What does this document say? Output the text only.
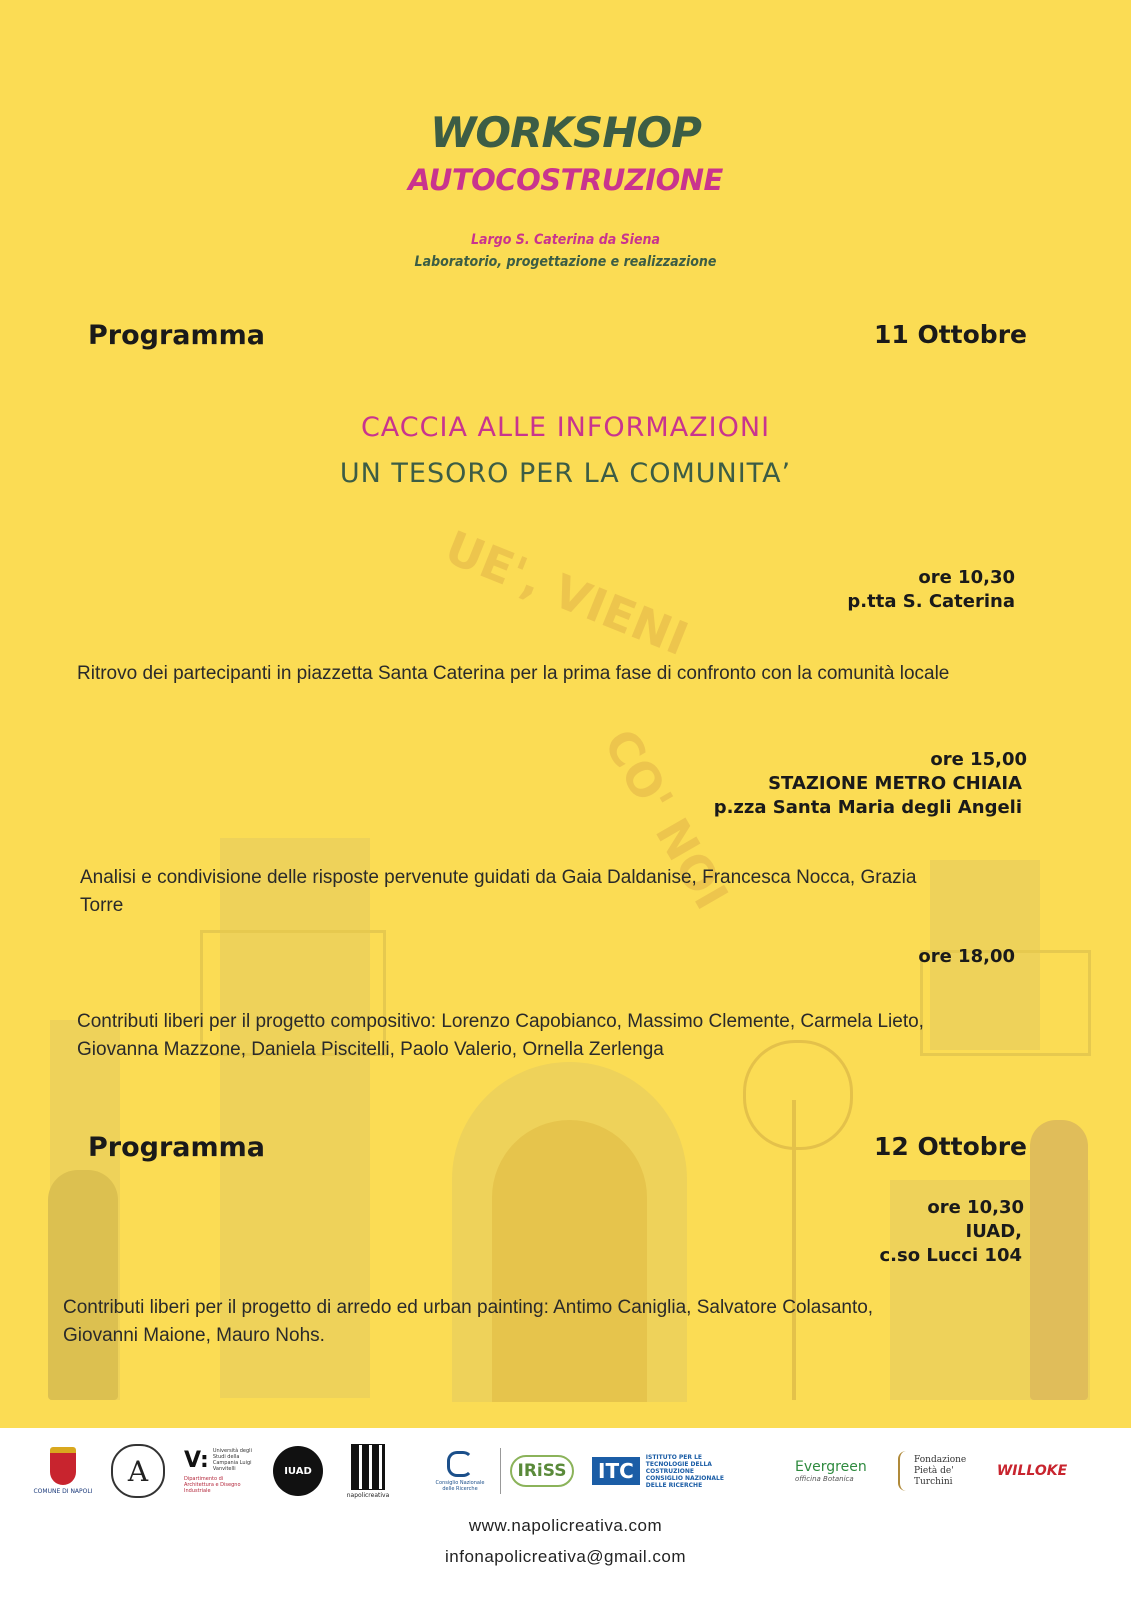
UE', VIENI
CO' NOI
WORKSHOP
AUTOCOSTRUZIONE
Largo S. Caterina da Siena
Laboratorio, progettazione e realizzazione
Programma	11 Ottobre
CACCIA ALLE INFORMAZIONI
UN TESORO PER LA COMUNITA’
ore 10,30
p.tta S. Caterina
Ritrovo dei partecipanti in piazzetta Santa Caterina per la prima fase di confronto con la comunità locale
ore 15,00
STAZIONE METRO CHIAIA
p.zza Santa Maria degli Angeli
Analisi e condivisione delle risposte pervenute guidati da Gaia Daldanise, Francesca Nocca, Grazia Torre
ore 18,00
Contributi liberi per il progetto compositivo: Lorenzo Capobianco, Massimo Clemente, Carmela Lieto, Giovanna Mazzone, Daniela Piscitelli, Paolo Valerio, Ornella Zerlenga
Programma	12 Ottobre
ore 10,30
IUAD,
c.so Lucci 104
Contributi liberi per il progetto di arredo ed urban painting: Antimo Caniglia, Salvatore Colasanto, Giovanni Maione, Mauro Nohs.
COMUNE DI NAPOLI
A	V: Università degli Studi della Campania Luigi Vanvitelli
Dipartimento di Architettura e Disegno Industriale
IUAD
napolicreativa
Consiglio Nazionale delle Ricerche
IRiSS	ITC
ISTITUTO PER LE TECNOLOGIE DELLA COSTRUZIONE CONSIGLIO NAZIONALE DELLE RICERCHE
Evergreen
officina Botanica
Fondazione Pietà de' Turchini
WILLOKE
www.napolicreativa.com
infonapolicreativa@gmail.com
